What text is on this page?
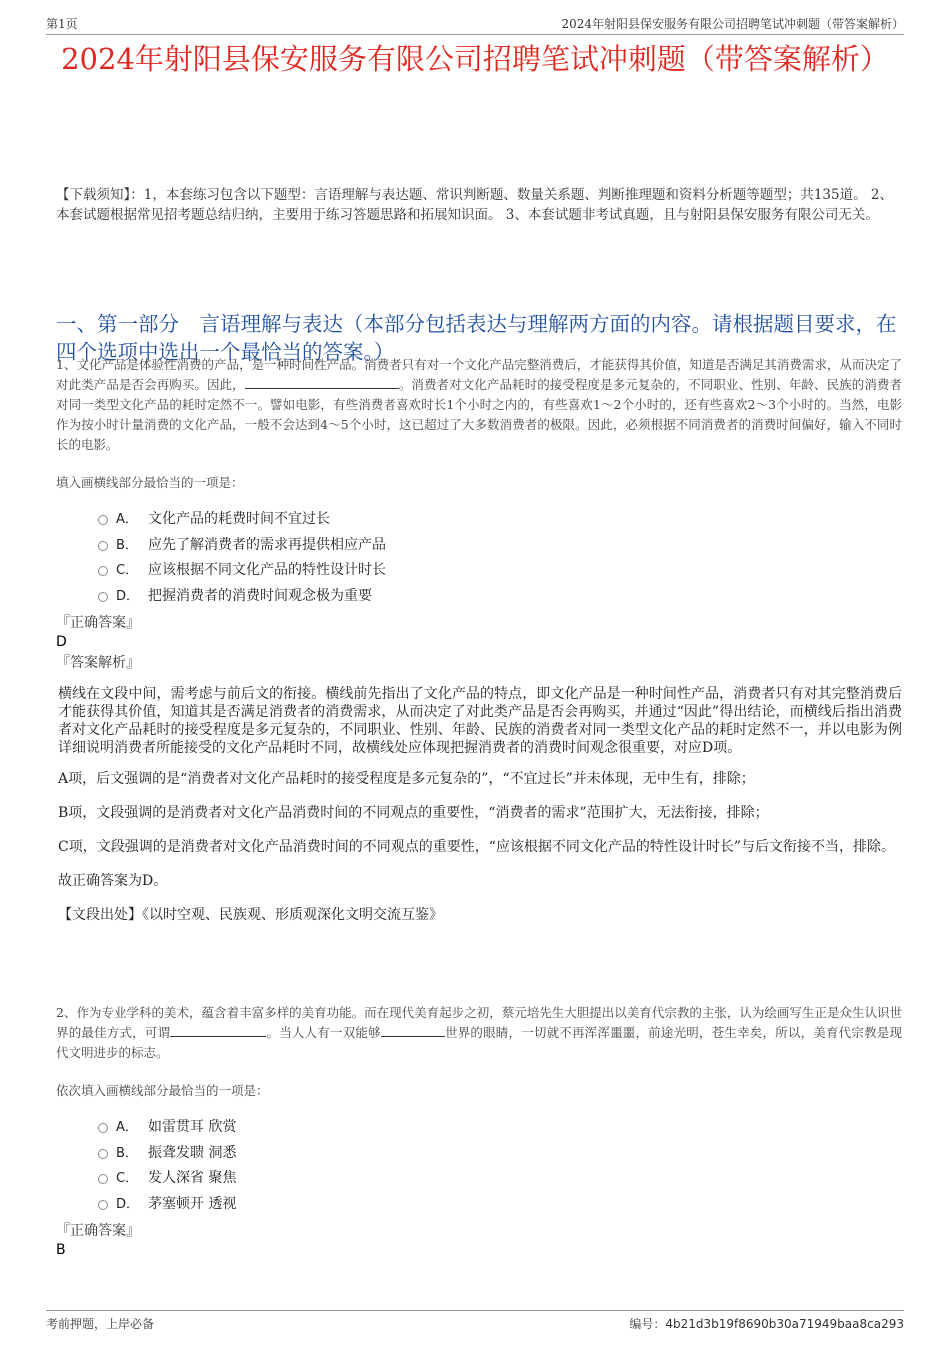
第1页	2024年射阳县保安服务有限公司招聘笔试冲刺题（带答案解析）
2024年射阳县保安服务有限公司招聘笔试冲刺题（带答案解析）

【下载须知】：1，本套练习包含以下题型：言语理解与表达题、常识判断题、数量关系题、判断推理题和资料分析题等题型；共135道。 2、本套试题根据常见招考题总结归纳，主要用于练习答题思路和拓展知识面。 3、本套试题非考试真题，且与射阳县保安服务有限公司无关。

一、第一部分　言语理解与表达（本部分包括表达与理解两方面的内容。请根据题目要求，在四个选项中选出一个最恰当的答案。）

1、文化产品是体验性消费的产品，是一种时间性产品。消费者只有对一个文化产品完整消费后，才能获得其价值，知道是否满足其消费需求，从而决定了对此类产品是否会再购买。因此，	。消费者对文化产品耗时的接受程度是多元复杂的，不同职业、性别、年龄、民族的消费者对同一类型文化产品的耗时定然不一。譬如电影，有些消费者喜欢时长1个小时之内的，有些喜欢1～2个小时的，还有些喜欢2～3个小时的。当然，电影作为按小时计量消费的文化产品，一般不会达到4～5个小时，这已超过了大多数消费者的极限。因此，必须根据不同消费者的消费时间偏好，输入不同时长的电影。

填入画横线部分最恰当的一项是：

A． 文化产品的耗费时间不宜过长
B． 应先了解消费者的需求再提供相应产品
C． 应该根据不同文化产品的特性设计时长
D． 把握消费者的消费时间观念极为重要

『正确答案』

D

『答案解析』

横线在文段中间，需考虑与前后文的衔接。横线前先指出了文化产品的特点，即文化产品是一种时间性产品，消费者只有对其完整消费后才能获得其价值，知道其是否满足消费者的消费需求，从而决定了对此类产品是否会再购买，并通过“因此”得出结论，而横线后指出消费者对文化产品耗时的接受程度是多元复杂的，不同职业、性别、年龄、民族的消费者对同一类型文化产品的耗时定然不一，并以电影为例详细说明消费者所能接受的文化产品耗时不同，故横线处应体现把握消费者的消费时间观念很重要，对应D项。

A项，后文强调的是“消费者对文化产品耗时的接受程度是多元复杂的”，“不宜过长”并未体现，无中生有，排除；

B项，文段强调的是消费者对文化产品消费时间的不同观点的重要性，“消费者的需求”范围扩大，无法衔接，排除；

C项，文段强调的是消费者对文化产品消费时间的不同观点的重要性，“应该根据不同文化产品的特性设计时长”与后文衔接不当，排除。

故正确答案为D。

【文段出处】《以时空观、民族观、形质观深化文明交流互鉴》

2、作为专业学科的美术，蕴含着丰富多样的美育功能。而在现代美育起步之初，蔡元培先生大胆提出以美育代宗教的主张，认为绘画写生正是众生认识世界的最佳方式，可谓	。当人人有一双能够	世界的眼睛，一切就不再浑浑噩噩，前途光明，苍生幸矣，所以，美育代宗教是现代文明进步的标志。

依次填入画横线部分最恰当的一项是：

A． 如雷贯耳 欣赏
B． 振聋发聩 洞悉
C． 发人深省 聚焦
D． 茅塞顿开 透视

『正确答案』

B

考前押题，上岸必备	编号：4b21d3b19f8690b30a71949baa8ca293
